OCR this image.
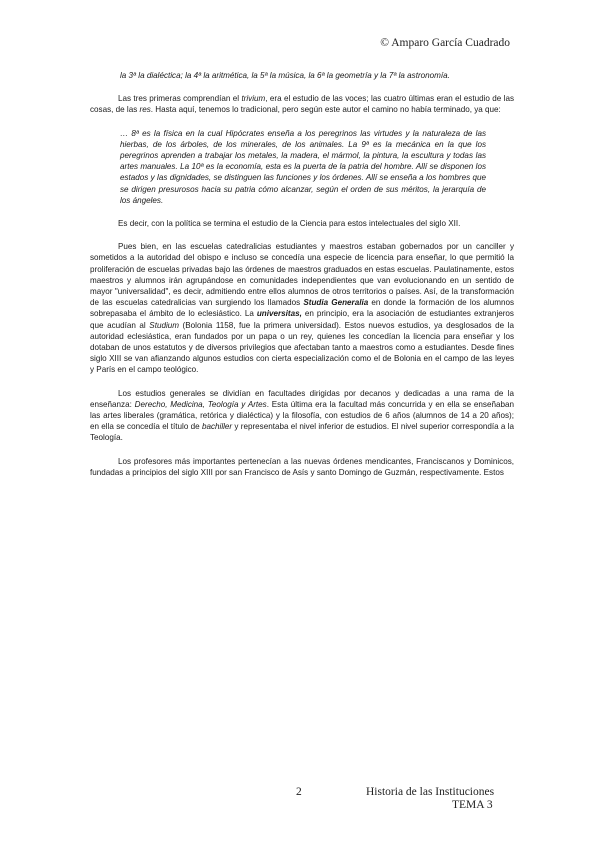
© Amparo García Cuadrado

la 3ª la dialéctica; la 4ª la aritmética, la 5ª la música, la 6ª la geometría y la 7ª la astronomía.

Las tres primeras comprendían el trivium, era el estudio de las voces; las cuatro últimas eran el estudio de las cosas, de las res. Hasta aquí, tenemos lo tradicional, pero según este autor el camino no había terminado, ya que:

… 8ª es la física en la cual Hipócrates enseña a los peregrinos las virtudes y la naturaleza de las hierbas, de los árboles, de los minerales, de los animales. La 9ª es la mecánica en la que los peregrinos aprenden a trabajar los metales, la madera, el mármol, la pintura, la escultura y todas las artes manuales. La 10ª es la economía, esta es la puerta de la patria del hombre. Allí se disponen los estados y las dignidades, se distinguen las funciones y los órdenes. Allí se enseña a los hombres que se dirigen presurosos hacia su patria cómo alcanzar, según el orden de sus méritos, la jerarquía de los ángeles.

Es decir, con la política se termina el estudio de la Ciencia para estos intelectuales del siglo XII.

Pues bien, en las escuelas catedralicias estudiantes y maestros estaban gobernados por un canciller y sometidos a la autoridad del obispo e incluso se concedía una especie de licencia para enseñar, lo que permitió la proliferación de escuelas privadas bajo las órdenes de maestros graduados en estas escuelas. Paulatinamente, estos maestros y alumnos irán agrupándose en comunidades independientes que van evolucionando en un sentido de mayor "universalidad", es decir, admitiendo entre ellos alumnos de otros territorios o países. Así, de la transformación de las escuelas catedralicias van surgiendo los llamados Studia Generalia en donde la formación de los alumnos sobrepasaba el ámbito de lo eclesiástico. La universitas, en principio, era la asociación de estudiantes extranjeros que acudían al Studium (Bolonia 1158, fue la primera universidad). Estos nuevos estudios, ya desglosados de la autoridad eclesiástica, eran fundados por un papa o un rey, quienes les concedían la licencia para enseñar y los dotaban de unos estatutos y de diversos privilegios que afectaban tanto a maestros como a estudiantes. Desde fines siglo XIII se van afianzando algunos estudios con cierta especialización como el de Bolonia en el campo de las leyes y París en el campo teológico.

Los estudios generales se dividían en facultades dirigidas por decanos y dedicadas a una rama de la enseñanza: Derecho, Medicina, Teología y Artes. Esta última era la facultad más concurrida y en ella se enseñaban las artes liberales (gramática, retórica y dialéctica) y la filosofía, con estudios de 6 años (alumnos de 14 a 20 años); en ella se concedía el título de bachiller y representaba el nivel inferior de estudios. El nivel superior correspondía a la Teología.

Los profesores más importantes pertenecían a las nuevas órdenes mendicantes, Franciscanos y Dominicos, fundadas a principios del siglo XIII por san Francisco de Asís y santo Domingo de Guzmán, respectivamente. Estos

2	Historia de las Instituciones
TEMA 3
